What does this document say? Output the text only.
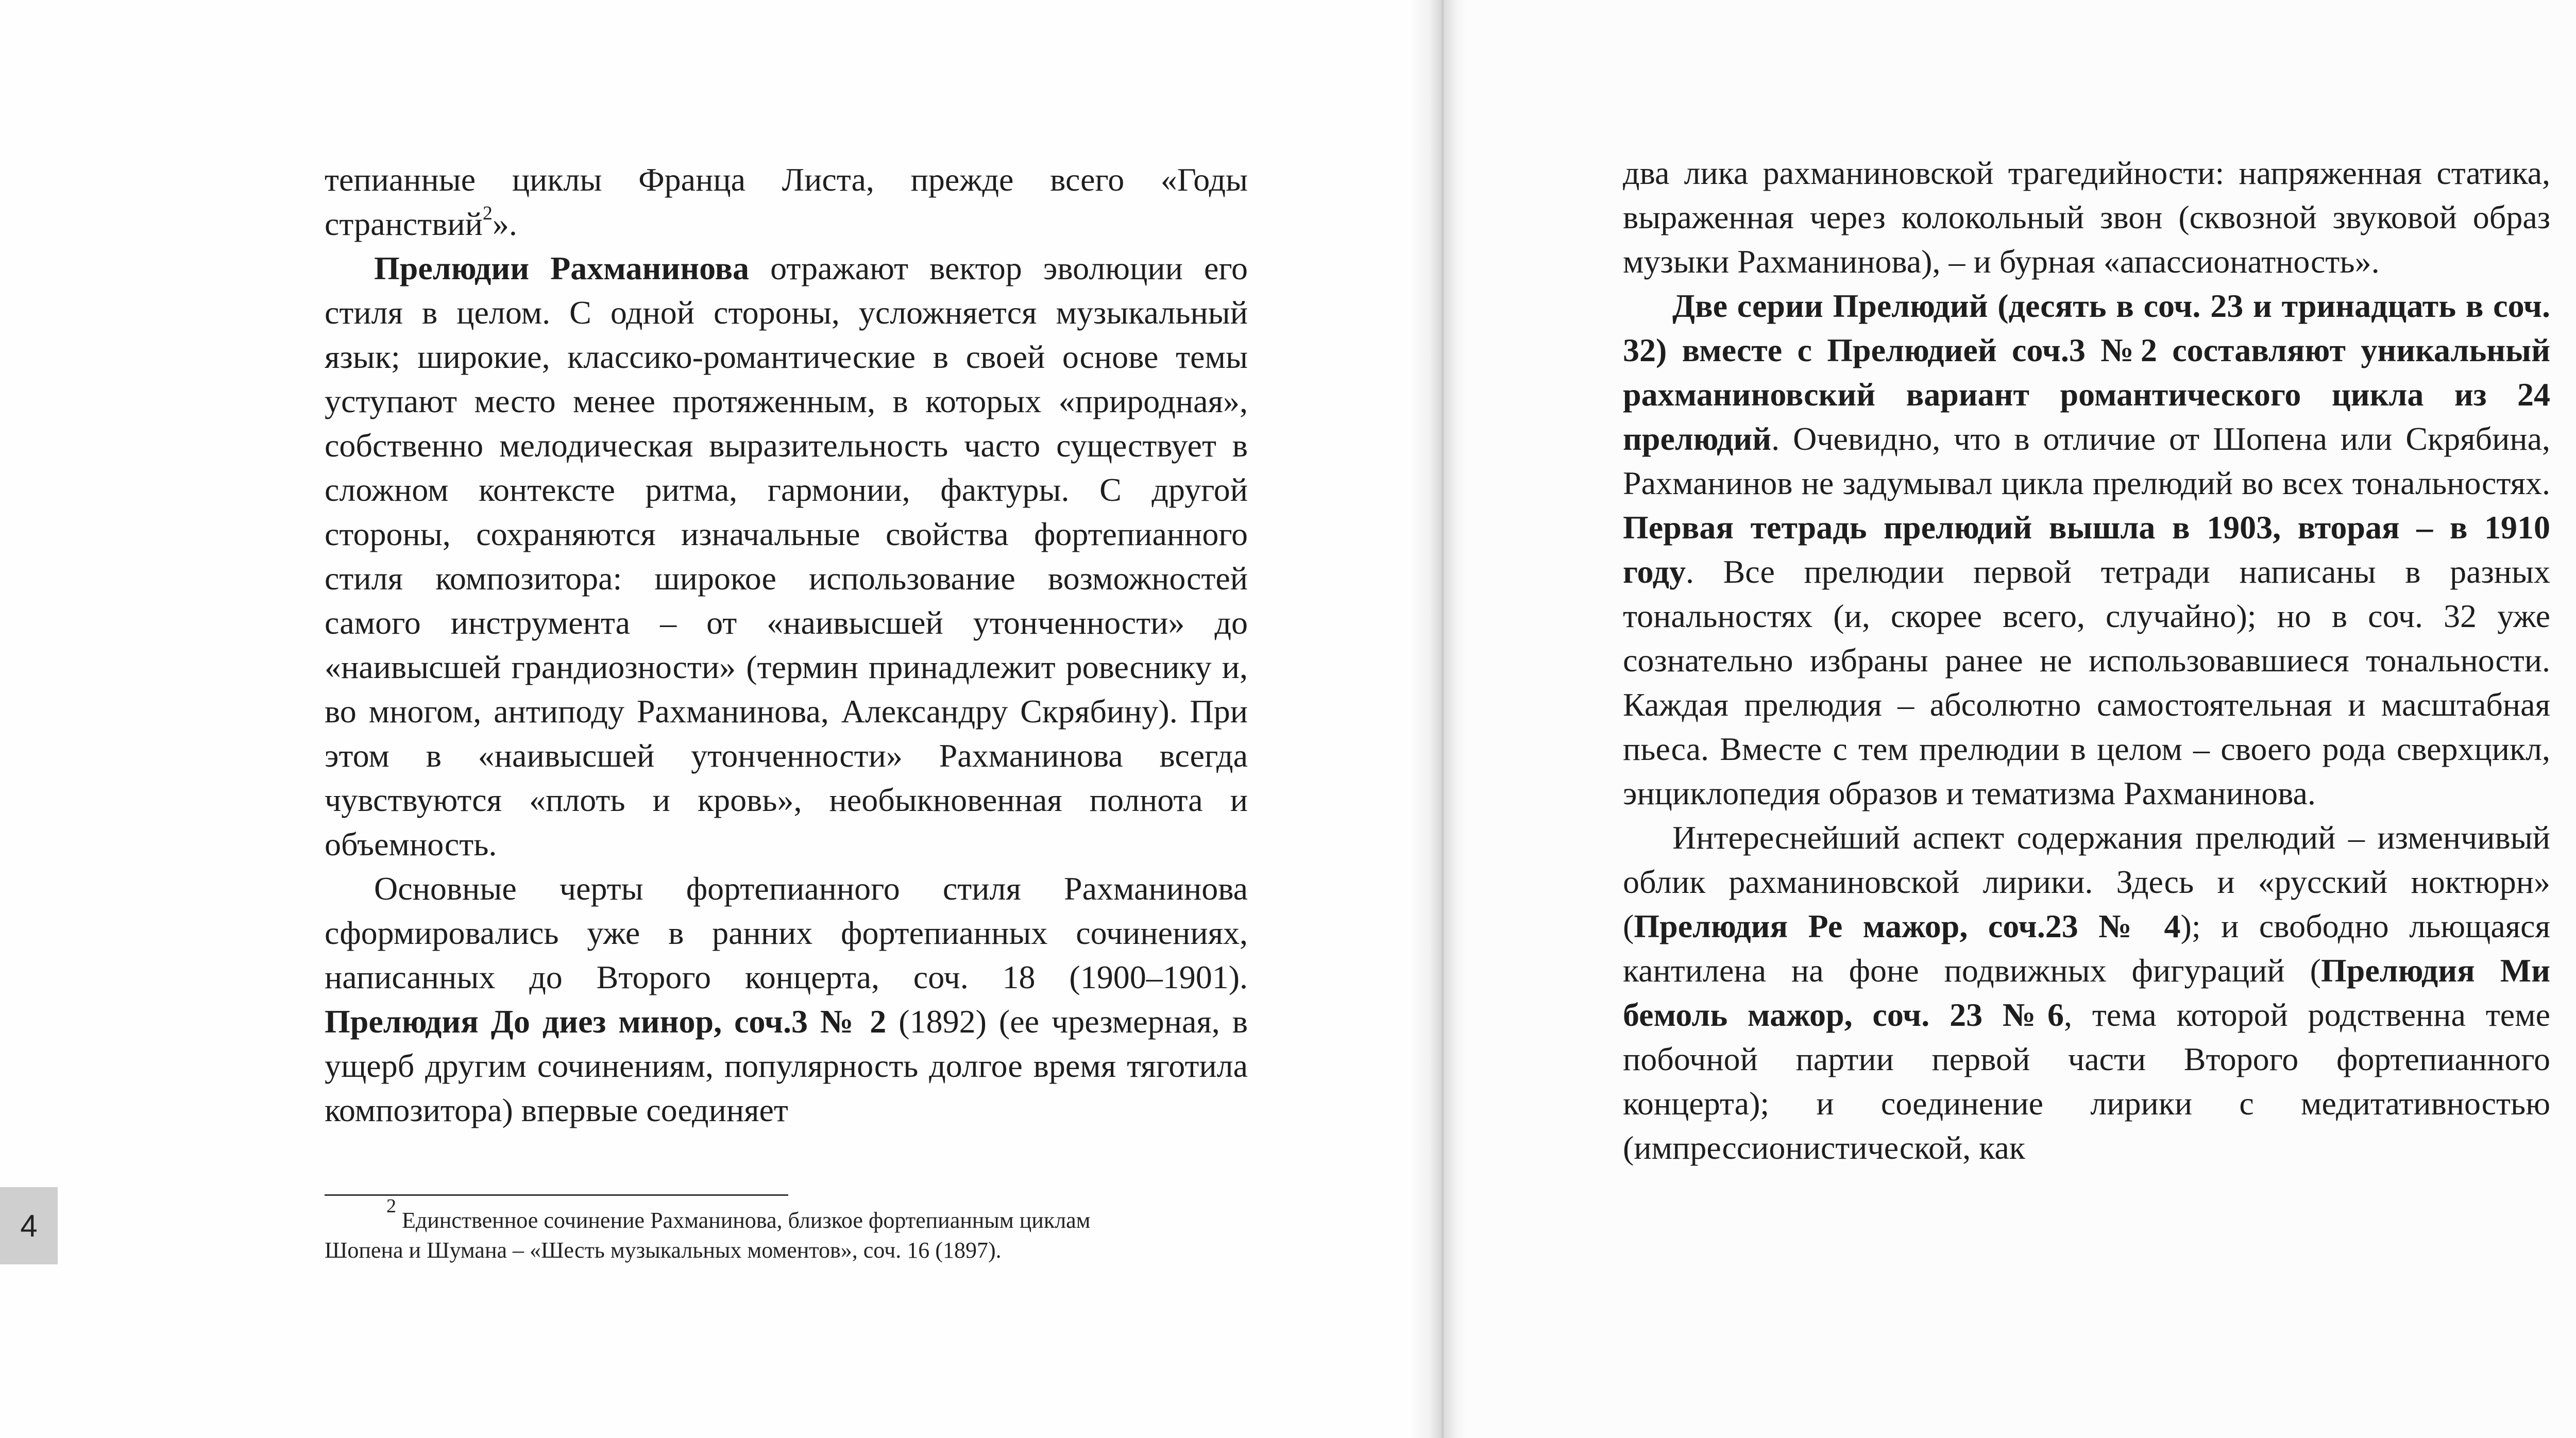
тепианные циклы Франца Листа, прежде всего «Годы странствий$^2$».

Прелюдии Рахманинова отражают вектор эволюции его стиля в целом. С одной стороны, усложняется музыкальный язык; широкие, классико-романтические в своей основе темы уступают место менее протяженным, в которых «природная», собственно мелодическая выразительность часто существует в сложном контексте ритма, гармонии, фактуры. С другой стороны, сохраняются изначальные свойства фортепианного стиля композитора: широкое использование возможностей самого инструмента – от «наивысшей утонченности» до «наивысшей грандиозности» (термин принадлежит ровеснику и, во многом, антиподу Рахманинова, Александру Скрябину). При этом в «наивысшей утонченности» Рахманинова всегда чувствуются «плоть и кровь», необыкновенная полнота и объемность.

Основные черты фортепианного стиля Рахманинова сформировались уже в ранних фортепианных сочинениях, написанных до Второго концерта, соч. 18 (1900–1901). Прелюдия До диез минор, соч.3 № 2 (1892) (ее чрезмерная, в ущерб другим сочинениям, популярность долгое время тяготила композитора) впервые соединяет

$^2$ Единственное сочинение Рахманинова, близкое фортепианным циклам

Шопена и Шумана – «Шесть музыкальных моментов», соч. 16 (1897).

4

два лика рахманиновской трагедийности: напряженная статика, выраженная через колокольный звон (сквозной звуковой образ музыки Рахманинова), – и бурная «апассионатность».

Две серии Прелюдий (десять в соч. 23 и тринадцать в соч. 32) вместе с Прелюдией соч.3 №2 составляют уникальный рахманиновский вариант романтического цикла из 24 прелюдий. Очевидно, что в отличие от Шопена или Скрябина, Рахманинов не задумывал цикла прелюдий во всех тональностях. Первая тетрадь прелюдий вышла в 1903, вторая – в 1910 году. Все прелюдии первой тетради написаны в разных тональностях (и, скорее всего, случайно); но в соч. 32 уже сознательно избраны ранее не использовавшиеся тональности. Каждая прелюдия – абсолютно самостоятельная и масштабная пьеса. Вместе с тем прелюдии в целом – своего рода сверхцикл, энциклопедия образов и тематизма Рахманинова.

Интереснейший аспект содержания прелюдий – изменчивый облик рахманиновской лирики. Здесь и «русский ноктюрн» (Прелюдия Ре мажор, соч.23 № 4); и свободно льющаяся кантилена на фоне подвижных фигураций (Прелюдия Ми бемоль мажор, соч. 23 №6, тема которой родственна теме побочной партии первой части Второго фортепианного концерта); и соединение лирики с медитативностью (импрессионистической, как
